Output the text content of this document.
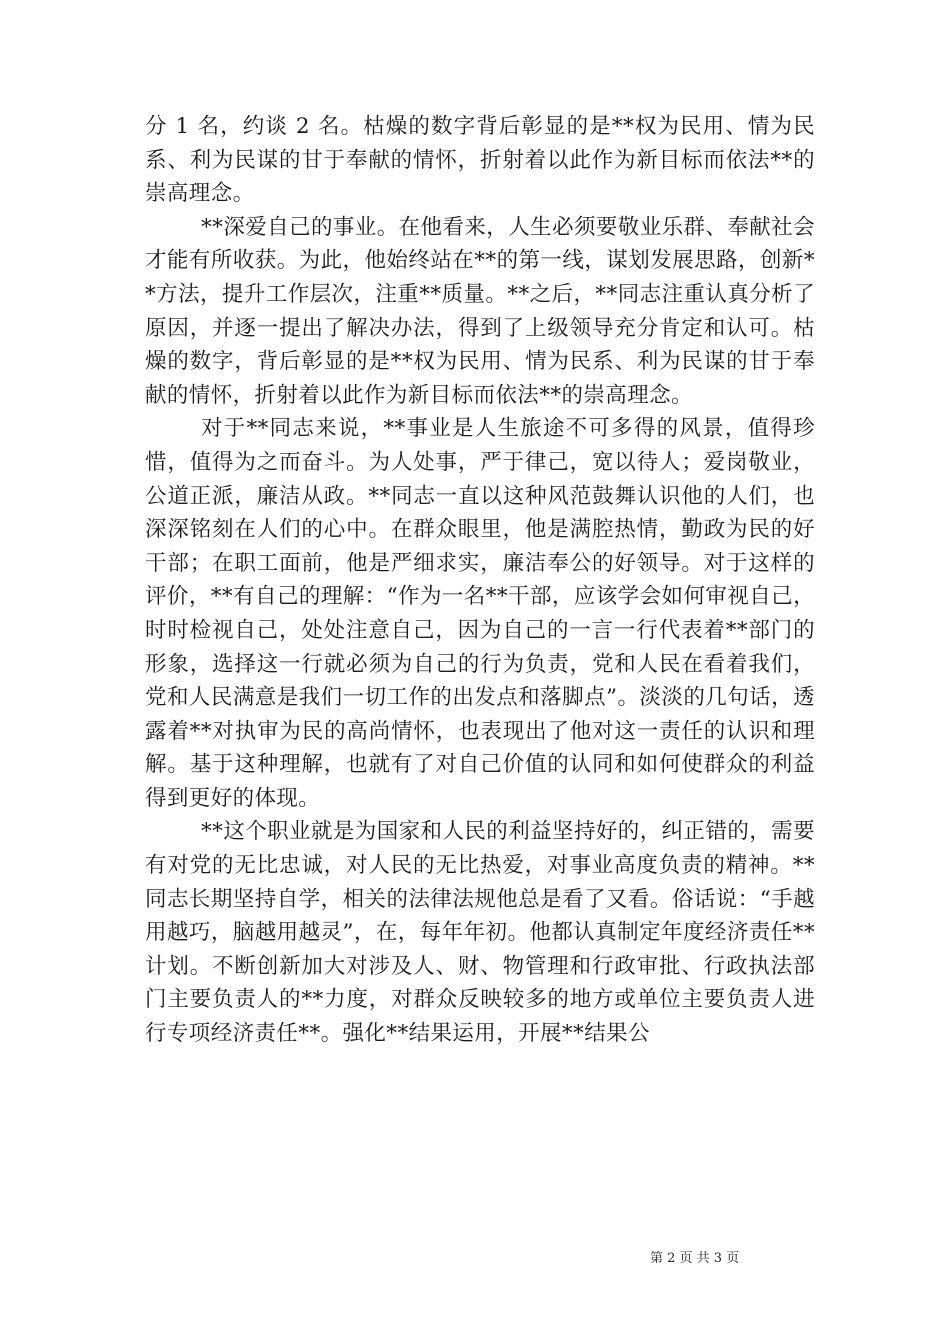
分 1 名，约谈 2 名。枯燥的数字背后彰显的是**权为民用、情为民系、利为民谋的甘于奉献的情怀，折射着以此作为新目标而依法**的崇高理念。

**深爱自己的事业。在他看来，人生必须要敬业乐群、奉献社会才能有所收获。为此，他始终站在**的第一线，谋划发展思路，创新**方法，提升工作层次，注重**质量。**之后，**同志注重认真分析了原因，并逐一提出了解决办法，得到了上级领导充分肯定和认可。枯燥的数字，背后彰显的是**权为民用、情为民系、利为民谋的甘于奉献的情怀，折射着以此作为新目标而依法**的崇高理念。

对于**同志来说，**事业是人生旅途不可多得的风景，值得珍惜，值得为之而奋斗。为人处事，严于律己，宽以待人；爱岗敬业，公道正派，廉洁从政。**同志一直以这种风范鼓舞认识他的人们，也深深铭刻在人们的心中。在群众眼里，他是满腔热情，勤政为民的好干部；在职工面前，他是严细求实，廉洁奉公的好领导。对于这样的评价，**有自己的理解：“作为一名**干部，应该学会如何审视自己，时时检视自己，处处注意自己，因为自己的一言一行代表着**部门的形象，选择这一行就必须为自己的行为负责，党和人民在看着我们，党和人民满意是我们一切工作的出发点和落脚点”。淡淡的几句话，透露着**对执审为民的高尚情怀，也表现出了他对这一责任的认识和理解。基于这种理解，也就有了对自己价值的认同和如何使群众的利益得到更好的体现。

**这个职业就是为国家和人民的利益坚持好的，纠正错的，需要有对党的无比忠诚，对人民的无比热爱，对事业高度负责的精神。**同志长期坚持自学，相关的法律法规他总是看了又看。俗话说：“手越用越巧，脑越用越灵”，在，每年年初。他都认真制定年度经济责任**计划。不断创新加大对涉及人、财、物管理和行政审批、行政执法部门主要负责人的**力度，对群众反映较多的地方或单位主要负责人进行专项经济责任**。强化**结果运用，开展**结果公

第 2 页 共 3 页
